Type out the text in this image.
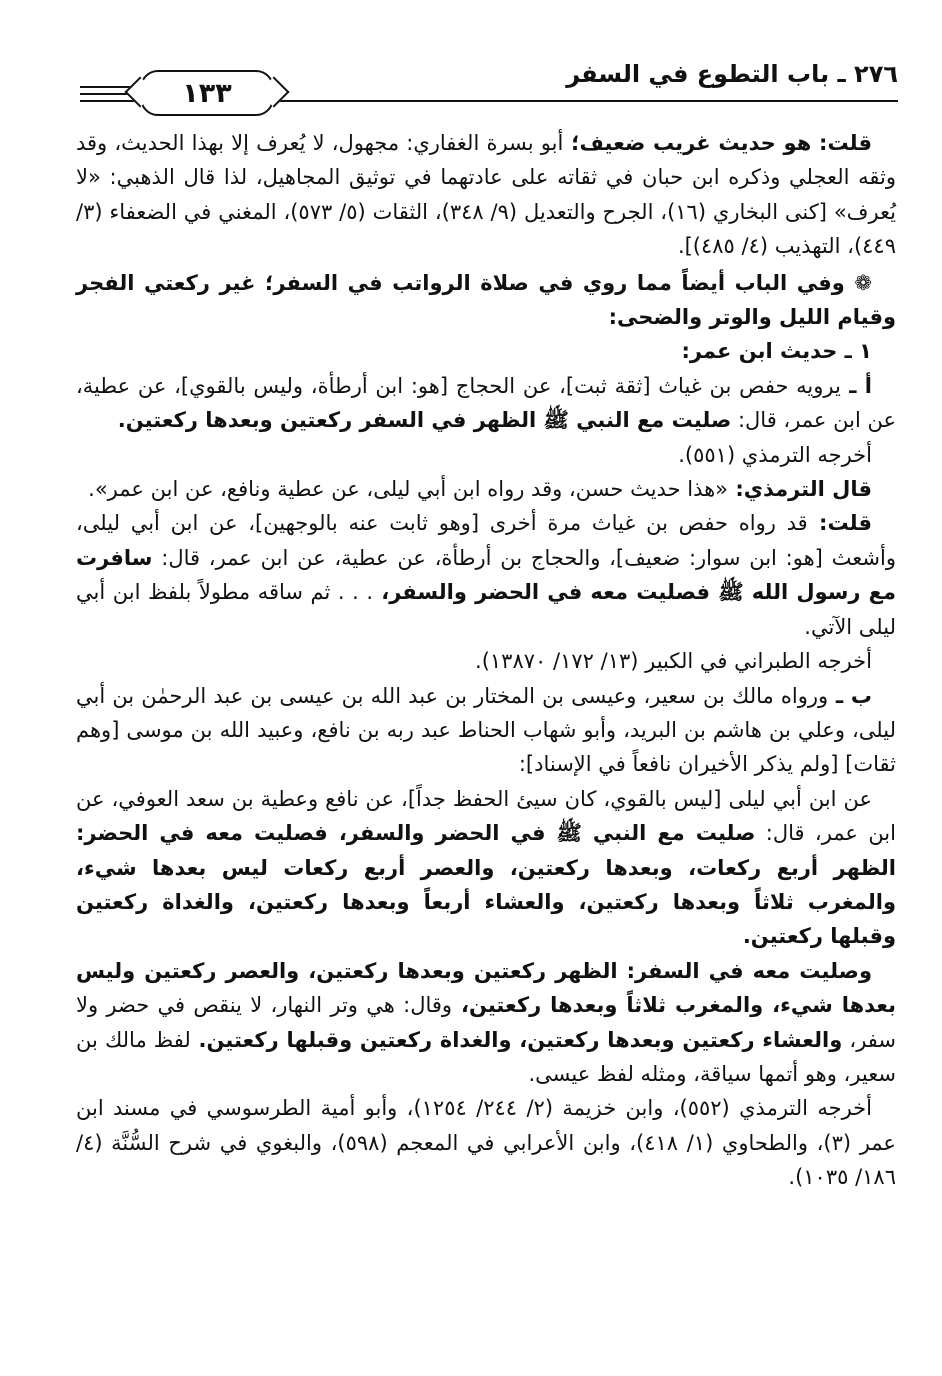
١٣٣
٢٧٦ ـ باب التطوع في السفر

قلت: هو حديث غريب ضعيف؛ أبو بسرة الغفاري: مجهول، لا يُعرف إلا بهذا الحديث، وقد وثقه العجلي وذكره ابن حبان في ثقاته على عادتهما في توثيق المجاهيل، لذا قال الذهبي: «لا يُعرف» [كنى البخاري (١٦)، الجرح والتعديل (٩/ ٣٤٨)، الثقات (٥/ ٥٧٣)، المغني في الضعفاء (٣/ ٤٤٩)، التهذيب (٤/ ٤٨٥)].

❁ وفي الباب أيضاً مما روي في صلاة الرواتب في السفر؛ غير ركعتي الفجر وقيام الليل والوتر والضحى:

١ ـ حديث ابن عمر:

أ ـ يرويه حفص بن غياث [ثقة ثبت]، عن الحجاج [هو: ابن أرطأة، وليس بالقوي]، عن عطية، عن ابن عمر، قال: صليت مع النبي ﷺ الظهر في السفر ركعتين وبعدها ركعتين.

أخرجه الترمذي (٥٥١).

قال الترمذي: «هذا حديث حسن، وقد رواه ابن أبي ليلى، عن عطية ونافع، عن ابن عمر».

قلت: قد رواه حفص بن غياث مرة أخرى [وهو ثابت عنه بالوجهين]، عن ابن أبي ليلى، وأشعث [هو: ابن سوار: ضعيف]، والحجاج بن أرطأة، عن عطية، عن ابن عمر، قال: سافرت مع رسول الله ﷺ فصليت معه في الحضر والسفر، . . . ثم ساقه مطولاً بلفظ ابن أبي ليلى الآتي.

أخرجه الطبراني في الكبير (١٣/ ١٧٢/ ١٣٨٧٠).

ب ـ ورواه مالك بن سعير، وعيسى بن المختار بن عبد الله بن عيسى بن عبد الرحمٰن بن أبي ليلى، وعلي بن هاشم بن البريد، وأبو شهاب الحناط عبد ربه بن نافع، وعبيد الله بن موسى [وهم ثقات] [ولم يذكر الأخيران نافعاً في الإسناد]:

عن ابن أبي ليلى [ليس بالقوي، كان سيئ الحفظ جداً]، عن نافع وعطية بن سعد العوفي، عن ابن عمر، قال: صليت مع النبي ﷺ في الحضر والسفر، فصليت معه في الحضر: الظهر أربع ركعات، وبعدها ركعتين، والعصر أربع ركعات ليس بعدها شيء، والمغرب ثلاثاً وبعدها ركعتين، والعشاء أربعاً وبعدها ركعتين، والغداة ركعتين وقبلها ركعتين.

وصليت معه في السفر: الظهر ركعتين وبعدها ركعتين، والعصر ركعتين وليس بعدها شيء، والمغرب ثلاثاً وبعدها ركعتين، وقال: هي وتر النهار، لا ينقص في حضر ولا سفر، والعشاء ركعتين وبعدها ركعتين، والغداة ركعتين وقبلها ركعتين. لفظ مالك بن سعير، وهو أتمها سياقة، ومثله لفظ عيسى.

أخرجه الترمذي (٥٥٢)، وابن خزيمة (٢/ ٢٤٤/ ١٢٥٤)، وأبو أمية الطرسوسي في مسند ابن عمر (٣)، والطحاوي (١/ ٤١٨)، وابن الأعرابي في المعجم (٥٩٨)، والبغوي في شرح السُّنَّة (٤/ ١٨٦/ ١٠٣٥).
